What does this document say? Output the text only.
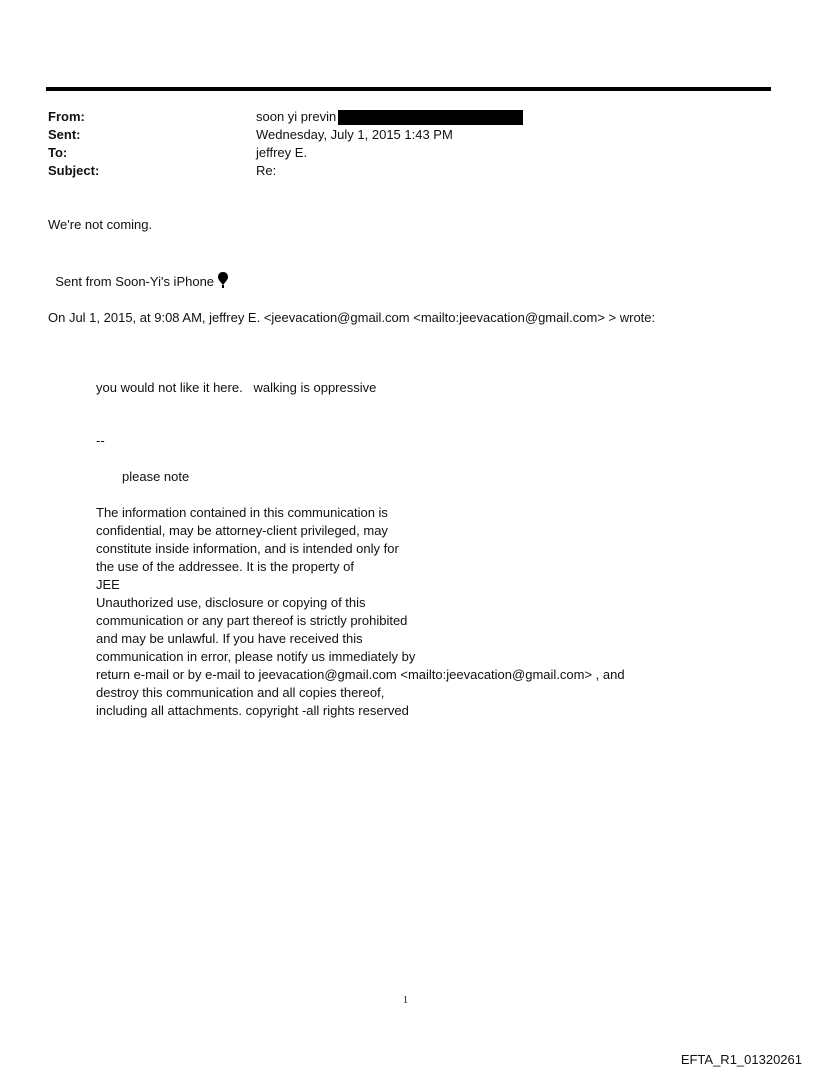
From:	soon yi previn
Sent:	Wednesday, July 1, 2015 1:43 PM
To:	jeffrey E.
Subject:	Re:
We're not coming.

Sent from Soon-Yi's iPhone

On Jul 1, 2015, at 9:08 AM, jeffrey E. <jeevacation@gmail.com <mailto:jeevacation@gmail.com> > wrote:
you would not like it here.   walking is oppressive
--
please note
The information contained in this communication is
confidential, may be attorney-client privileged, may
constitute inside information, and is intended only for
the use of the addressee. It is the property of
JEE
Unauthorized use, disclosure or copying of this
communication or any part thereof is strictly prohibited
and may be unlawful. If you have received this
communication in error, please notify us immediately by
return e-mail or by e-mail to jeevacation@gmail.com <mailto:jeevacation@gmail.com> , and
destroy this communication and all copies thereof,
including all attachments. copyright -all rights reserved
1
EFTA_R1_01320261
